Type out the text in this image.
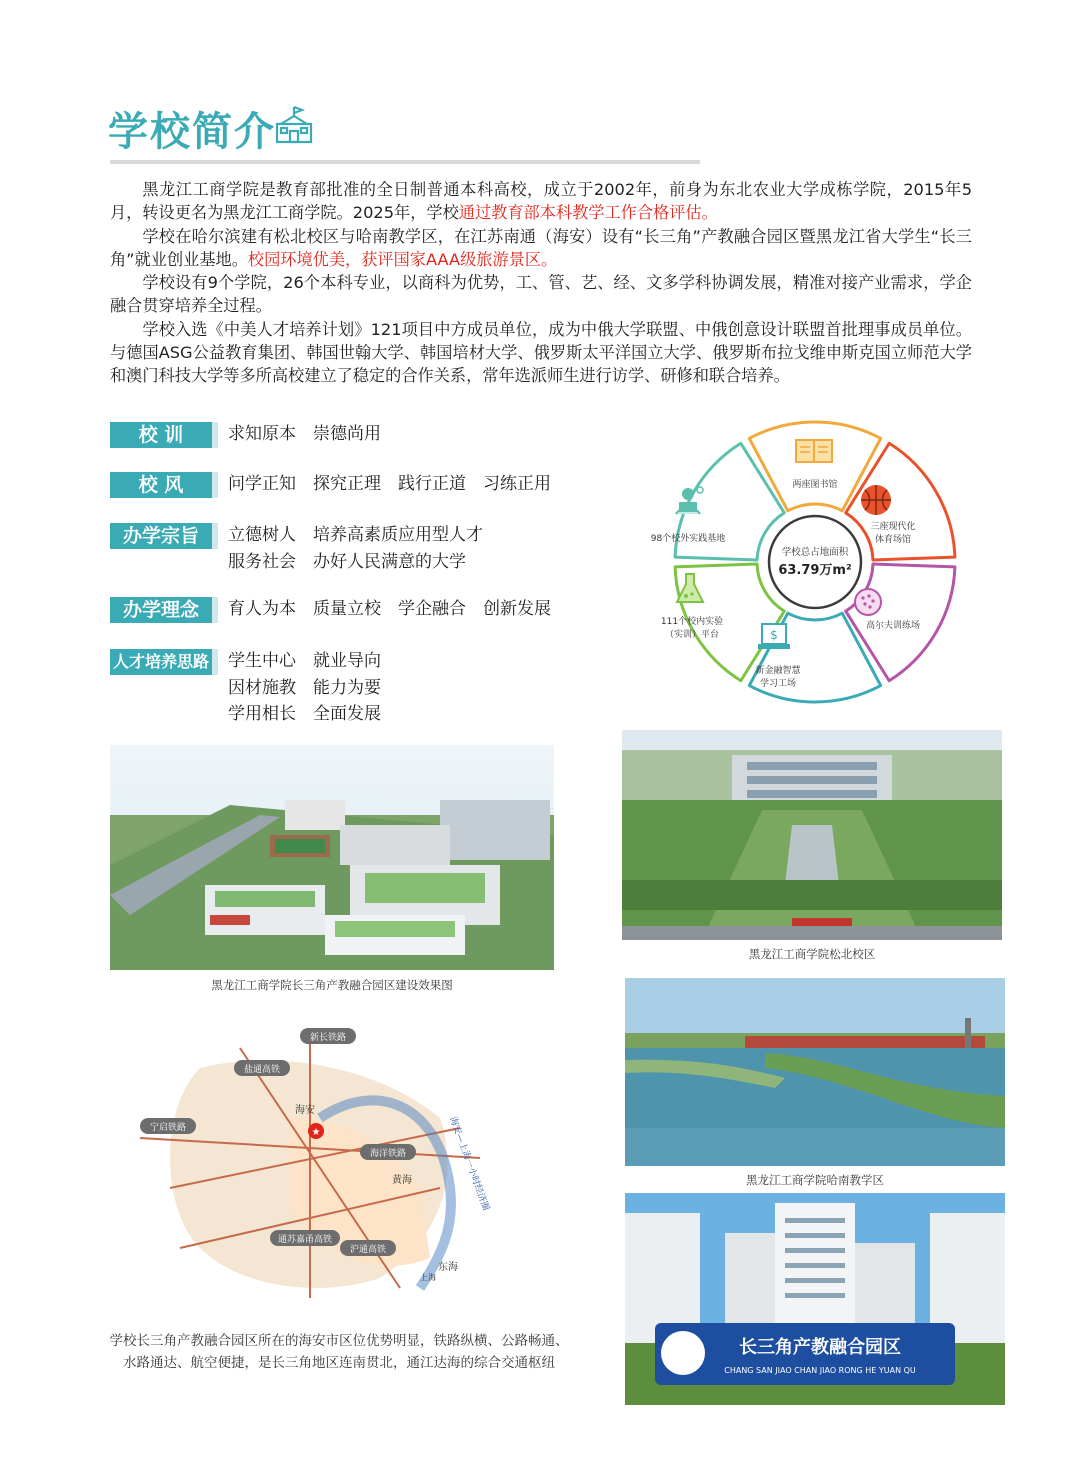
学校简介

黑龙江工商学院是教育部批准的全日制普通本科高校，成立于2002年，前身为东北农业大学成栋学院，2015年5月，转设更名为黑龙江工商学院。2025年，学校通过教育部本科教学工作合格评估。

学校在哈尔滨建有松北校区与哈南教学区，在江苏南通（海安）设有“长三角”产教融合园区暨黑龙江省大学生“长三角”就业创业基地。校园环境优美，获评国家AAA级旅游景区。

学校设有9个学院，26个本科专业，以商科为优势，工、管、艺、经、文多学科协调发展，精准对接产业需求，学企融合贯穿培养全过程。

学校入选《中美人才培养计划》121项目中方成员单位，成为中俄大学联盟、中俄创意设计联盟首批理事成员单位。与德国ASG公益教育集团、韩国世翰大学、韩国培材大学、俄罗斯太平洋国立大学、俄罗斯布拉戈维申斯克国立师范大学和澳门科技大学等多所高校建立了稳定的合作关系，常年选派师生进行访学、研修和联合培养。

校 训	求知原本　崇德尚用
校 风	问学正知　探究正理　践行正道　习练正用
办学宗旨	立德树人　培养高素质应用型人才
服务社会　办好人民满意的大学
办学理念	育人为本　质量立校　学企融合　创新发展
人才培养思路	学生中心　就业导向
因材施教　能力为要
学用相长　全面发展
学校总占地面积
63.79万m²
$
两座图书馆
三座现代化
体育场馆
高尔夫训练场
新金融智慧
学习工场
111个校内实验
（实训）平台
98个校外实践基地
黑龙江工商学院长三角产教融合园区建设效果图
黑龙江工商学院松北校区
黑龙江工商学院哈南教学区
长三角产教融合园区
CHANG SAN JIAO CHAN JIAO RONG HE YUAN QU
★
新长铁路
盐通高铁
宁启铁路
海洋铁路
沪通高铁
通苏嘉甬高铁
海安
黄海
东海
上海
海安—上海一小时经济圈
学校长三角产教融合园区所在的海安市区位优势明显，铁路纵横、公路畅通、
水路通达、航空便捷，是长三角地区连南贯北，通江达海的综合交通枢纽
